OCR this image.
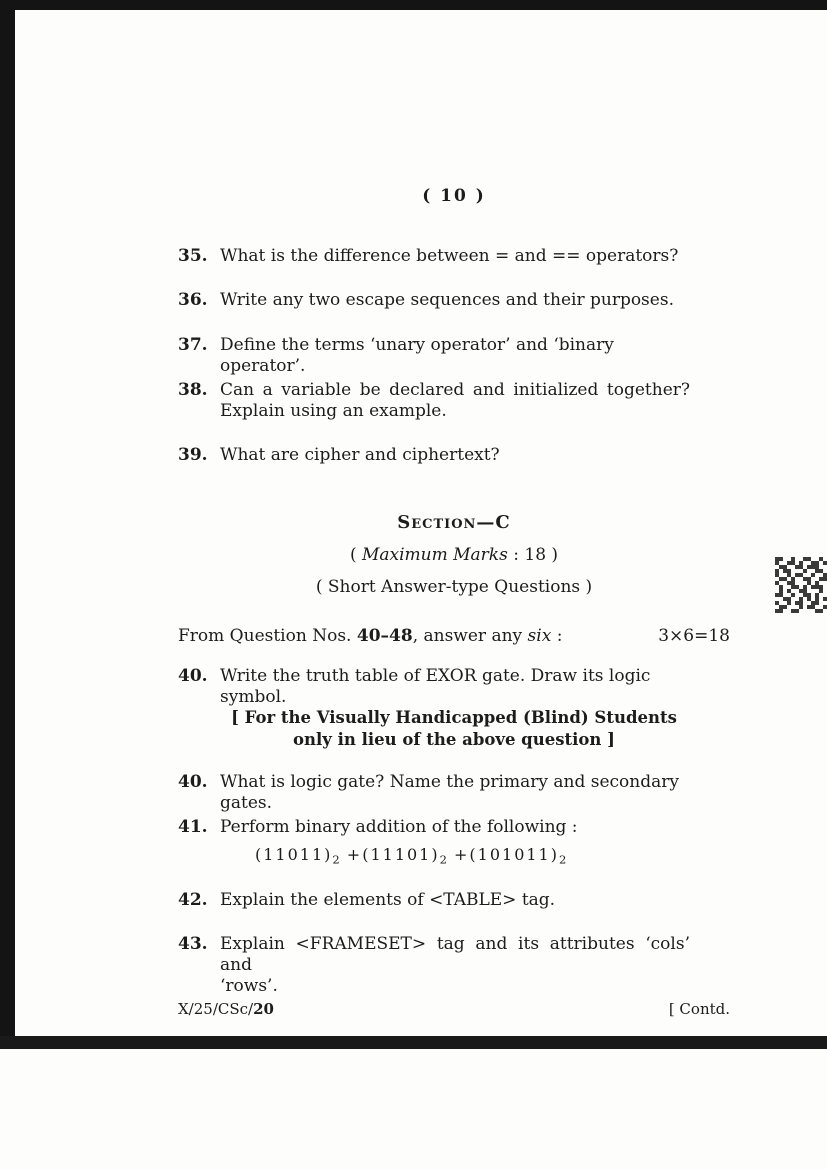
( 10 )
35. What is the difference between = and == operators?
36. Write any two escape sequences and their purposes.
37. Define the terms ‘unary operator’ and ‘binary operator’.
38. Can a variable be declared and initialized together?
Explain using an example.
39. What are cipher and ciphertext?
Section—C
( Maximum Marks : 18 )
( Short Answer-type Questions )
From Question Nos. 40–48, answer any six :	3×6=18
40. Write the truth table of EXOR gate. Draw its logic symbol.
[ For the Visually Handicapped (Blind) Students
only in lieu of the above question ]
40. What is logic gate? Name the primary and secondary gates.
41. Perform binary addition of the following :
$(11011)_2 +(11101)_2 +(101011)_2$
42. Explain the elements of <TABLE> tag.
43. Explain <FRAMESET> tag and its attributes ‘cols’ and
‘rows’.
X/25/CSc/20	[ Contd.
